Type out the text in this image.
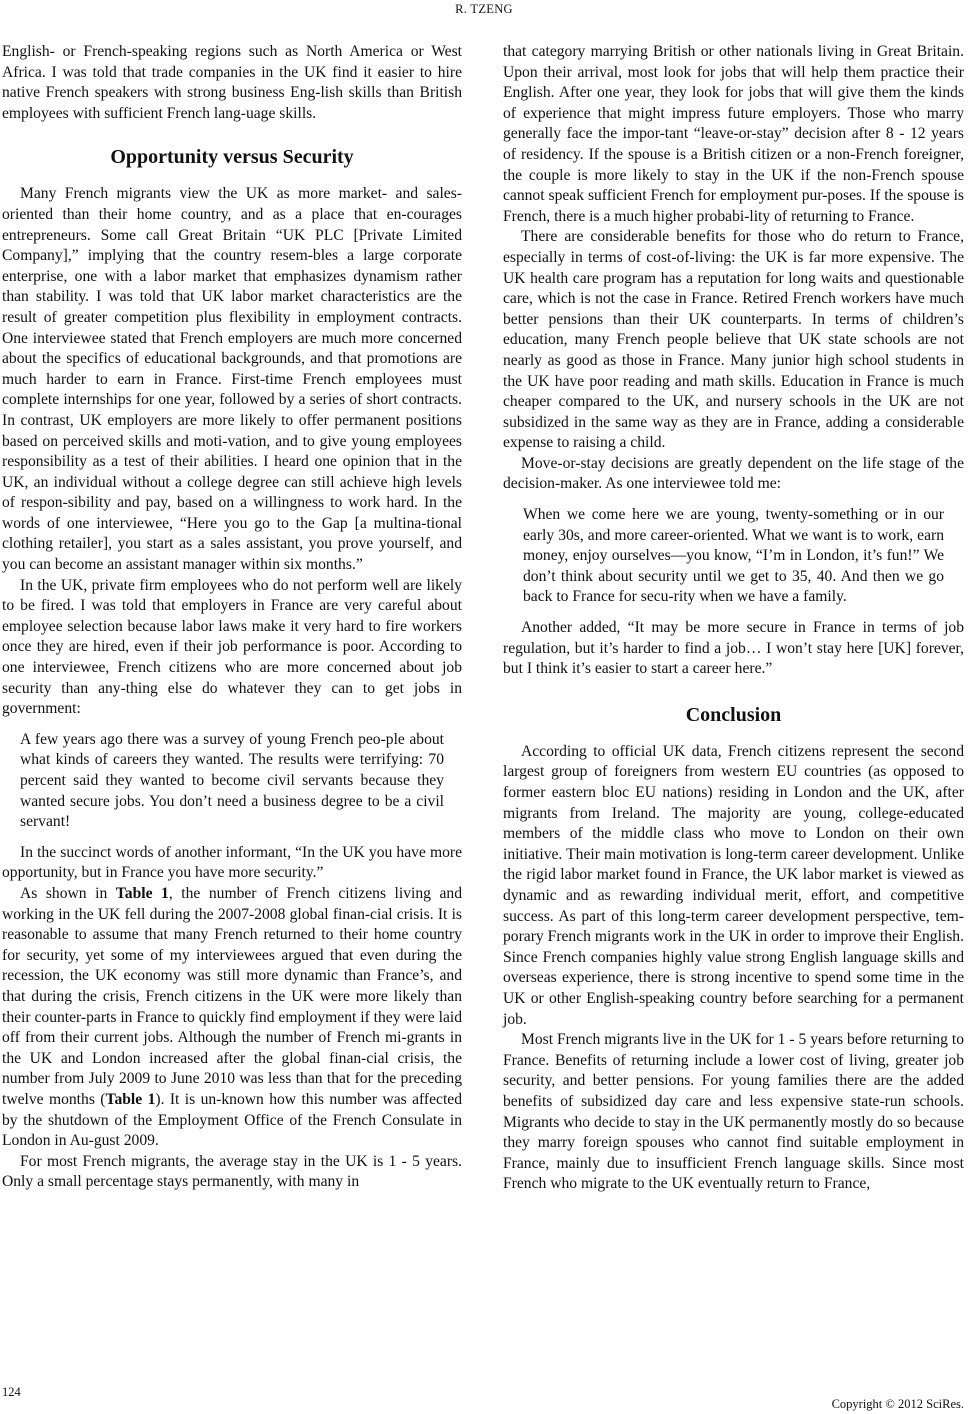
R. TZENG

English- or French-speaking regions such as North America or West Africa. I was told that trade companies in the UK find it easier to hire native French speakers with strong business Eng-lish skills than British employees with sufficient French lang-uage skills.

Opportunity versus Security

Many French migrants view the UK as more market- and sales-oriented than their home country, and as a place that en-courages entrepreneurs. Some call Great Britain “UK PLC [Private Limited Company],” implying that the country resem-bles a large corporate enterprise, one with a labor market that emphasizes dynamism rather than stability. I was told that UK labor market characteristics are the result of greater competition plus flexibility in employment contracts. One interviewee stated that French employers are much more concerned about the specifics of educational backgrounds, and that promotions are much harder to earn in France. First-time French employees must complete internships for one year, followed by a series of short contracts. In contrast, UK employers are more likely to offer permanent positions based on perceived skills and moti-vation, and to give young employees responsibility as a test of their abilities. I heard one opinion that in the UK, an individual without a college degree can still achieve high levels of respon-sibility and pay, based on a willingness to work hard. In the words of one interviewee, “Here you go to the Gap [a multina-tional clothing retailer], you start as a sales assistant, you prove yourself, and you can become an assistant manager within six months.”

In the UK, private firm employees who do not perform well are likely to be fired. I was told that employers in France are very careful about employee selection because labor laws make it very hard to fire workers once they are hired, even if their job performance is poor. According to one interviewee, French citizens who are more concerned about job security than any-thing else do whatever they can to get jobs in government:

A few years ago there was a survey of young French peo-ple about what kinds of careers they wanted. The results were terrifying: 70 percent said they wanted to become civil servants because they wanted secure jobs. You don’t need a business degree to be a civil servant!

In the succinct words of another informant, “In the UK you have more opportunity, but in France you have more security.”

As shown in Table 1, the number of French citizens living and working in the UK fell during the 2007-2008 global finan-cial crisis. It is reasonable to assume that many French returned to their home country for security, yet some of my interviewees argued that even during the recession, the UK economy was still more dynamic than France’s, and that during the crisis, French citizens in the UK were more likely than their counter-parts in France to quickly find employment if they were laid off from their current jobs. Although the number of French mi-grants in the UK and London increased after the global finan-cial crisis, the number from July 2009 to June 2010 was less than that for the preceding twelve months (Table 1). It is un-known how this number was affected by the shutdown of the Employment Office of the French Consulate in London in Au-gust 2009.

For most French migrants, the average stay in the UK is 1 - 5 years. Only a small percentage stays permanently, with many in

that category marrying British or other nationals living in Great Britain. Upon their arrival, most look for jobs that will help them practice their English. After one year, they look for jobs that will give them the kinds of experience that might impress future employers. Those who marry generally face the impor-tant “leave-or-stay” decision after 8 - 12 years of residency. If the spouse is a British citizen or a non-French foreigner, the couple is more likely to stay in the UK if the non-French spouse cannot speak sufficient French for employment pur-poses. If the spouse is French, there is a much higher probabi-lity of returning to France.

There are considerable benefits for those who do return to France, especially in terms of cost-of-living: the UK is far more expensive. The UK health care program has a reputation for long waits and questionable care, which is not the case in France. Retired French workers have much better pensions than their UK counterparts. In terms of children’s education, many French people believe that UK state schools are not nearly as good as those in France. Many junior high school students in the UK have poor reading and math skills. Education in France is much cheaper compared to the UK, and nursery schools in the UK are not subsidized in the same way as they are in France, adding a considerable expense to raising a child.

Move-or-stay decisions are greatly dependent on the life stage of the decision-maker. As one interviewee told me:

When we come here we are young, twenty-something or in our early 30s, and more career-oriented. What we want is to work, earn money, enjoy ourselves—you know, “I’m in London, it’s fun!” We don’t think about security until we get to 35, 40. And then we go back to France for secu-rity when we have a family.

Another added, “It may be more secure in France in terms of job regulation, but it’s harder to find a job… I won’t stay here [UK] forever, but I think it’s easier to start a career here.”

Conclusion

According to official UK data, French citizens represent the second largest group of foreigners from western EU countries (as opposed to former eastern bloc EU nations) residing in London and the UK, after migrants from Ireland. The majority are young, college-educated members of the middle class who move to London on their own initiative. Their main motivation is long-term career development. Unlike the rigid labor market found in France, the UK labor market is viewed as dynamic and as rewarding individual merit, effort, and competitive success. As part of this long-term career development perspective, tem-porary French migrants work in the UK in order to improve their English. Since French companies highly value strong English language skills and overseas experience, there is strong incentive to spend some time in the UK or other English-speaking country before searching for a permanent job.

Most French migrants live in the UK for 1 - 5 years before returning to France. Benefits of returning include a lower cost of living, greater job security, and better pensions. For young families there are the added benefits of subsidized day care and less expensive state-run schools. Migrants who decide to stay in the UK permanently mostly do so because they marry foreign spouses who cannot find suitable employment in France, mainly due to insufficient French language skills. Since most French who migrate to the UK eventually return to France,

124
Copyright © 2012 SciRes.
